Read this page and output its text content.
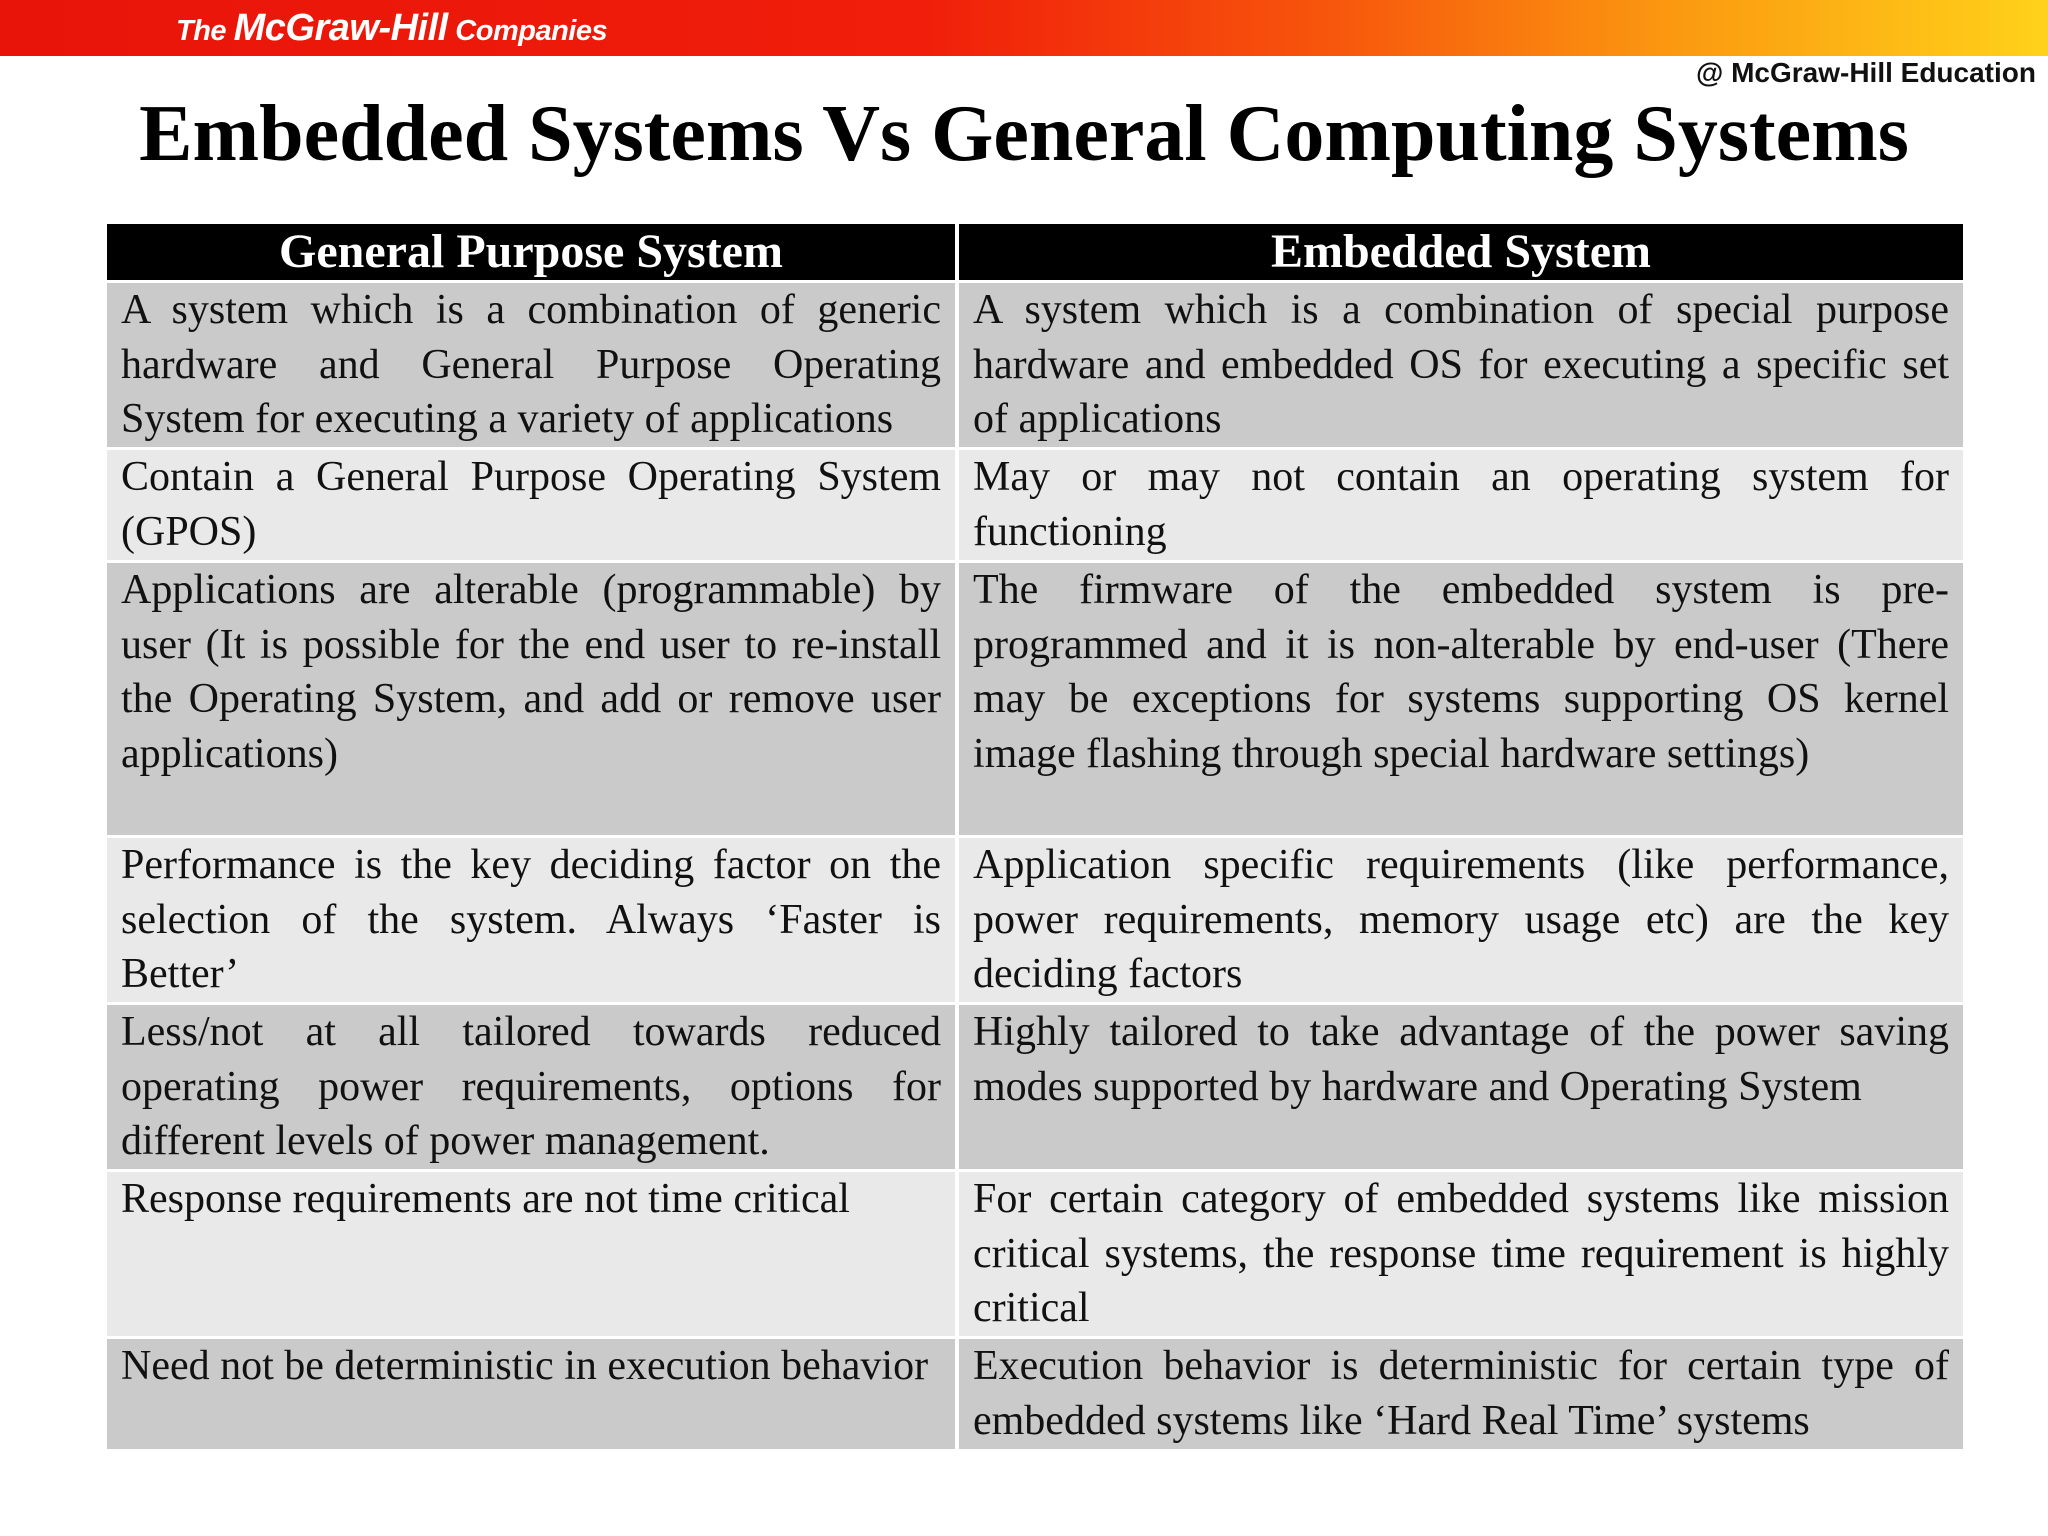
The McGraw-Hill Companies
@ McGraw-Hill Education
Embedded Systems Vs General Computing Systems
General Purpose System	Embedded System
A system which is a combination of generic hardware and General Purpose Operating System for executing a variety of applications	A system which is a combination of special purpose hardware and embedded OS for executing a specific set of applications
Contain a General Purpose Operating System (GPOS)	May or may not contain an operating system for functioning
Applications are alterable (programmable) by user (It is possible for the end user to re-install the Operating System, and add or remove user applications)	The firmware of the embedded system is pre-programmed and it is non-alterable by end-user (There may be exceptions for systems supporting OS kernel image flashing through special hardware settings)
Performance is the key deciding factor on the selection of the system. Always ‘Faster is Better’	Application specific requirements (like performance, power requirements, memory usage etc) are the key deciding factors
Less/not at all tailored towards reduced operating power requirements, options for different levels of power management.	Highly tailored to take advantage of the power saving modes supported by hardware and Operating System
Response requirements are not time critical	For certain category of embedded systems like mission critical systems, the response time requirement is highly critical
Need not be deterministic in execution behavior	Execution behavior is deterministic for certain type of embedded systems like ‘Hard Real Time’ systems
